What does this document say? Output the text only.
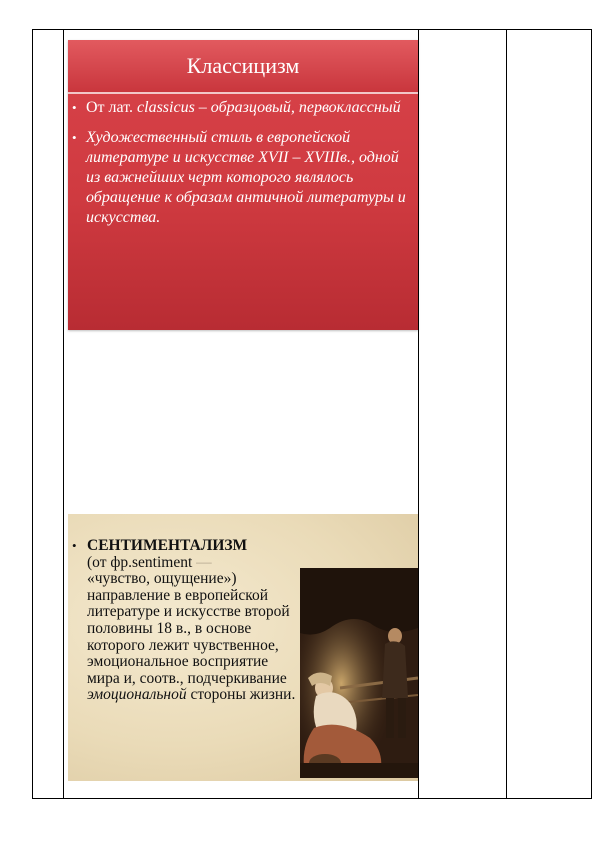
Классицизм
• От лат. classicus – образцовый, первоклассный
• Художественный стиль в европейской литературе и искусстве XVII – XVIIIв., одной из важнейших черт которого являлось обращение к образам античной литературы и искусства.
• СЕНТИМЕНТАЛИЗМ
(от фр.sentiment —
«чувство, ощущение»)
направление в европейской литературе и искусстве второй половины 18 в., в основе которого лежит чувственное, эмоциональное восприятие мира и, соотв., подчеркивание эмоциональной стороны жизни.
